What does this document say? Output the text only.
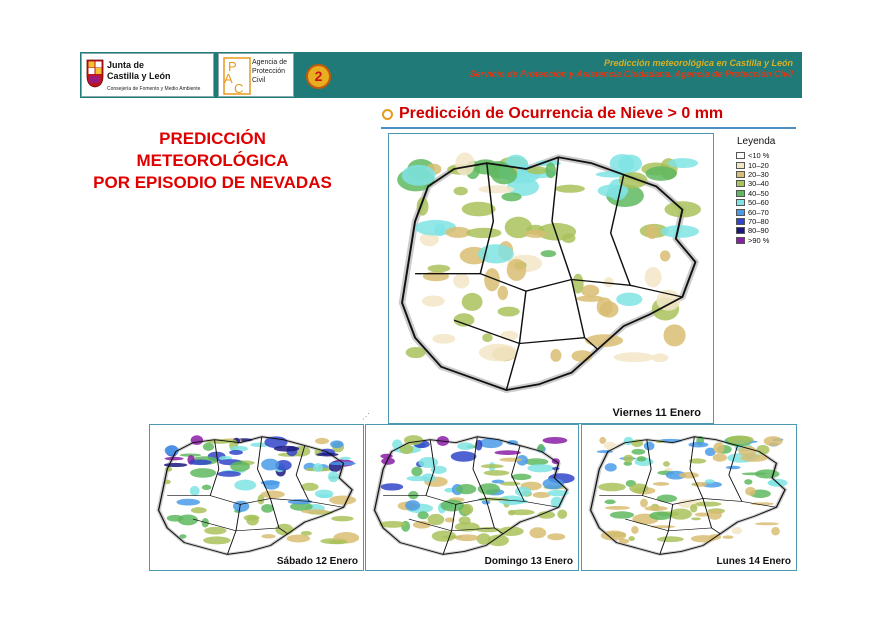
Junta de
Castilla y León
Consejería de Fomento y Medio Ambiente
P
A
C
Agencia de Protección Civil	2
Predicción meteorológica en Castilla y León
Servicio de Protección y Asistencia Ciudadana. Agencia de Protección Civil
PREDICCIÓN
METEOROLÓGICA
POR EPISODIO DE NEVADAS
Predicción de Ocurrencia de Nieve > 0 mm
Viernes 11 Enero
Sábado 12 Enero	Domingo 13 Enero	Lunes 14 Enero
⋰
Leyenda
<10 %
10–20
20–30
30–40
40–50
50–60
60–70
70–80
80–90
>90 %
